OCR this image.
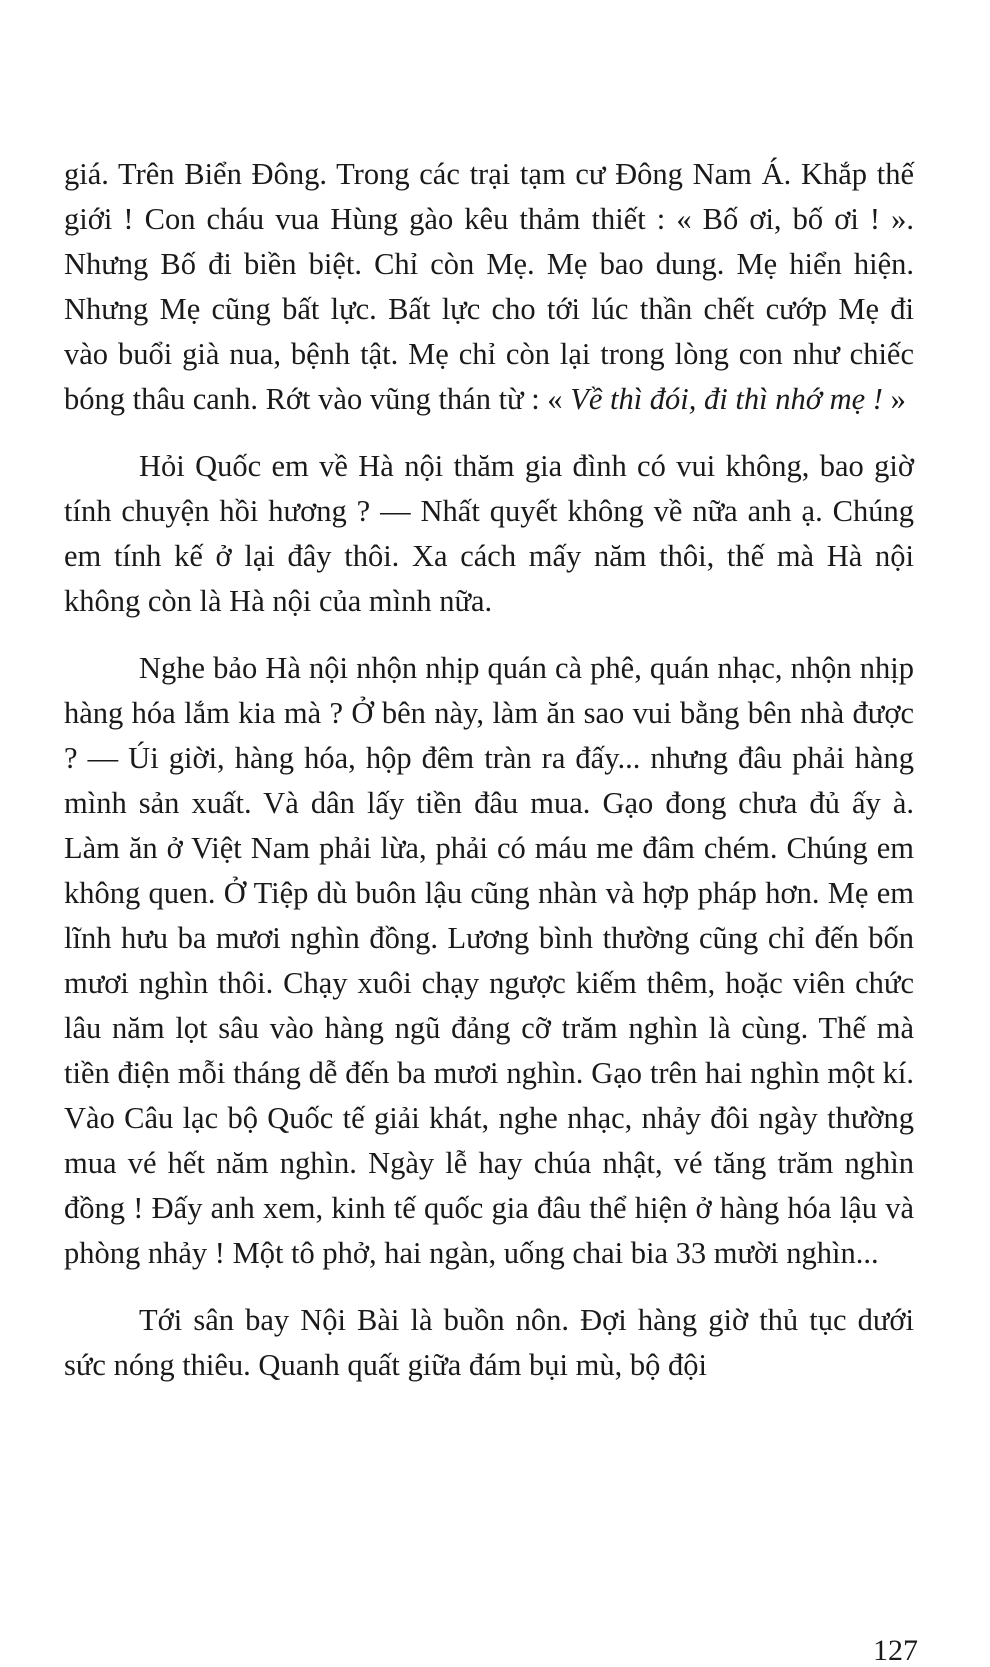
giá. Trên Biển Đông. Trong các trại tạm cư Đông Nam Á. Khắp thế giới ! Con cháu vua Hùng gào kêu thảm thiết : « Bố ơi, bố ơi ! ». Nhưng Bố đi biền biệt. Chỉ còn Mẹ. Mẹ bao dung. Mẹ hiển hiện. Nhưng Mẹ cũng bất lực. Bất lực cho tới lúc thần chết cướp Mẹ đi vào buổi già nua, bệnh tật. Mẹ chỉ còn lại trong lòng con như chiếc bóng thâu canh. Rớt vào vũng thán từ : « Về thì đói, đi thì nhớ mẹ ! »

Hỏi Quốc em về Hà nội thăm gia đình có vui không, bao giờ tính chuyện hồi hương ? — Nhất quyết không về nữa anh ạ. Chúng em tính kế ở lại đây thôi. Xa cách mấy năm thôi, thế mà Hà nội không còn là Hà nội của mình nữa.

Nghe bảo Hà nội nhộn nhịp quán cà phê, quán nhạc, nhộn nhịp hàng hóa lắm kia mà ? Ở bên này, làm ăn sao vui bằng bên nhà được ? — Úi giời, hàng hóa, hộp đêm tràn ra đấy... nhưng đâu phải hàng mình sản xuất. Và dân lấy tiền đâu mua. Gạo đong chưa đủ ấy à. Làm ăn ở Việt Nam phải lừa, phải có máu me đâm chém. Chúng em không quen. Ở Tiệp dù buôn lậu cũng nhàn và hợp pháp hơn. Mẹ em lĩnh hưu ba mươi nghìn đồng. Lương bình thường cũng chỉ đến bốn mươi nghìn thôi. Chạy xuôi chạy ngược kiếm thêm, hoặc viên chức lâu năm lọt sâu vào hàng ngũ đảng cỡ trăm nghìn là cùng. Thế mà tiền điện mỗi tháng dễ đến ba mươi nghìn. Gạo trên hai nghìn một kí. Vào Câu lạc bộ Quốc tế giải khát, nghe nhạc, nhảy đôi ngày thường mua vé hết năm nghìn. Ngày lễ hay chúa nhật, vé tăng trăm nghìn đồng ! Đấy anh xem, kinh tế quốc gia đâu thể hiện ở hàng hóa lậu và phòng nhảy ! Một tô phở, hai ngàn, uống chai bia 33 mười nghìn...

Tới sân bay Nội Bài là buồn nôn. Đợi hàng giờ thủ tục dưới sức nóng thiêu. Quanh quất giữa đám bụi mù, bộ đội

127
